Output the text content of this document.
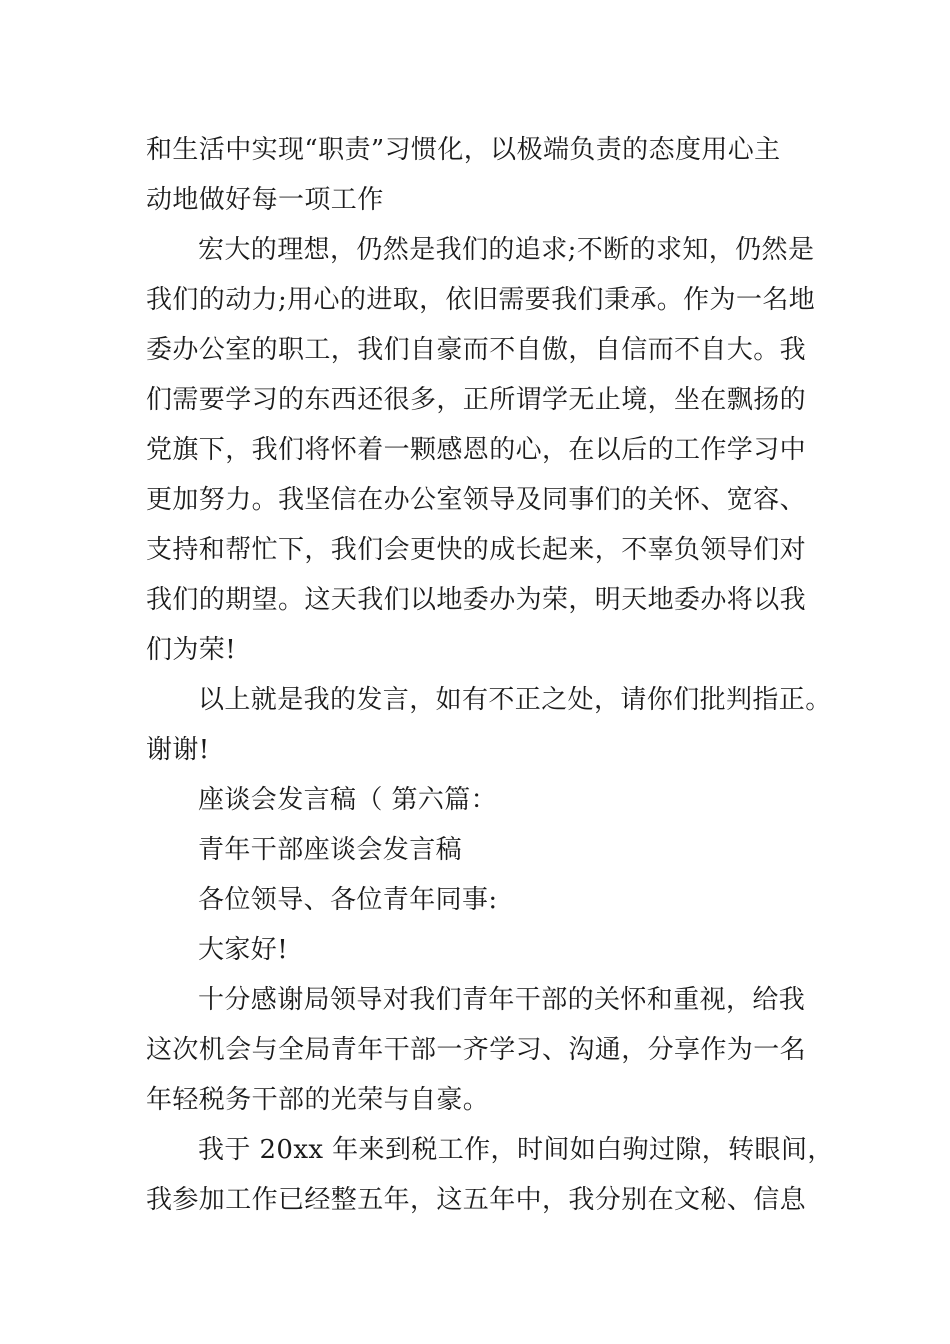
和生活中实现“职责”习惯化，以极端负责的态度用心主
动地做好每一项工作
宏大的理想，仍然是我们的追求;不断的求知，仍然是
我们的动力;用心的进取，依旧需要我们秉承。作为一名地
委办公室的职工，我们自豪而不自傲，自信而不自大。我
们需要学习的东西还很多，正所谓学无止境，坐在飘扬的
党旗下，我们将怀着一颗感恩的心，在以后的工作学习中
更加努力。我坚信在办公室领导及同事们的关怀、宽容、
支持和帮忙下，我们会更快的成长起来，不辜负领导们对
我们的期望。这天我们以地委办为荣，明天地委办将以我
们为荣!
以上就是我的发言，如有不正之处，请你们批判指正。
谢谢!
座谈会发言稿（ 第六篇：
青年干部座谈会发言稿
各位领导、各位青年同事:
大家好!
十分感谢局领导对我们青年干部的关怀和重视，给我
这次机会与全局青年干部一齐学习、沟通，分享作为一名
年轻税务干部的光荣与自豪。
我于 20xx 年来到税工作，时间如白驹过隙，转眼间，
我参加工作已经整五年，这五年中，我分别在文秘、信息
